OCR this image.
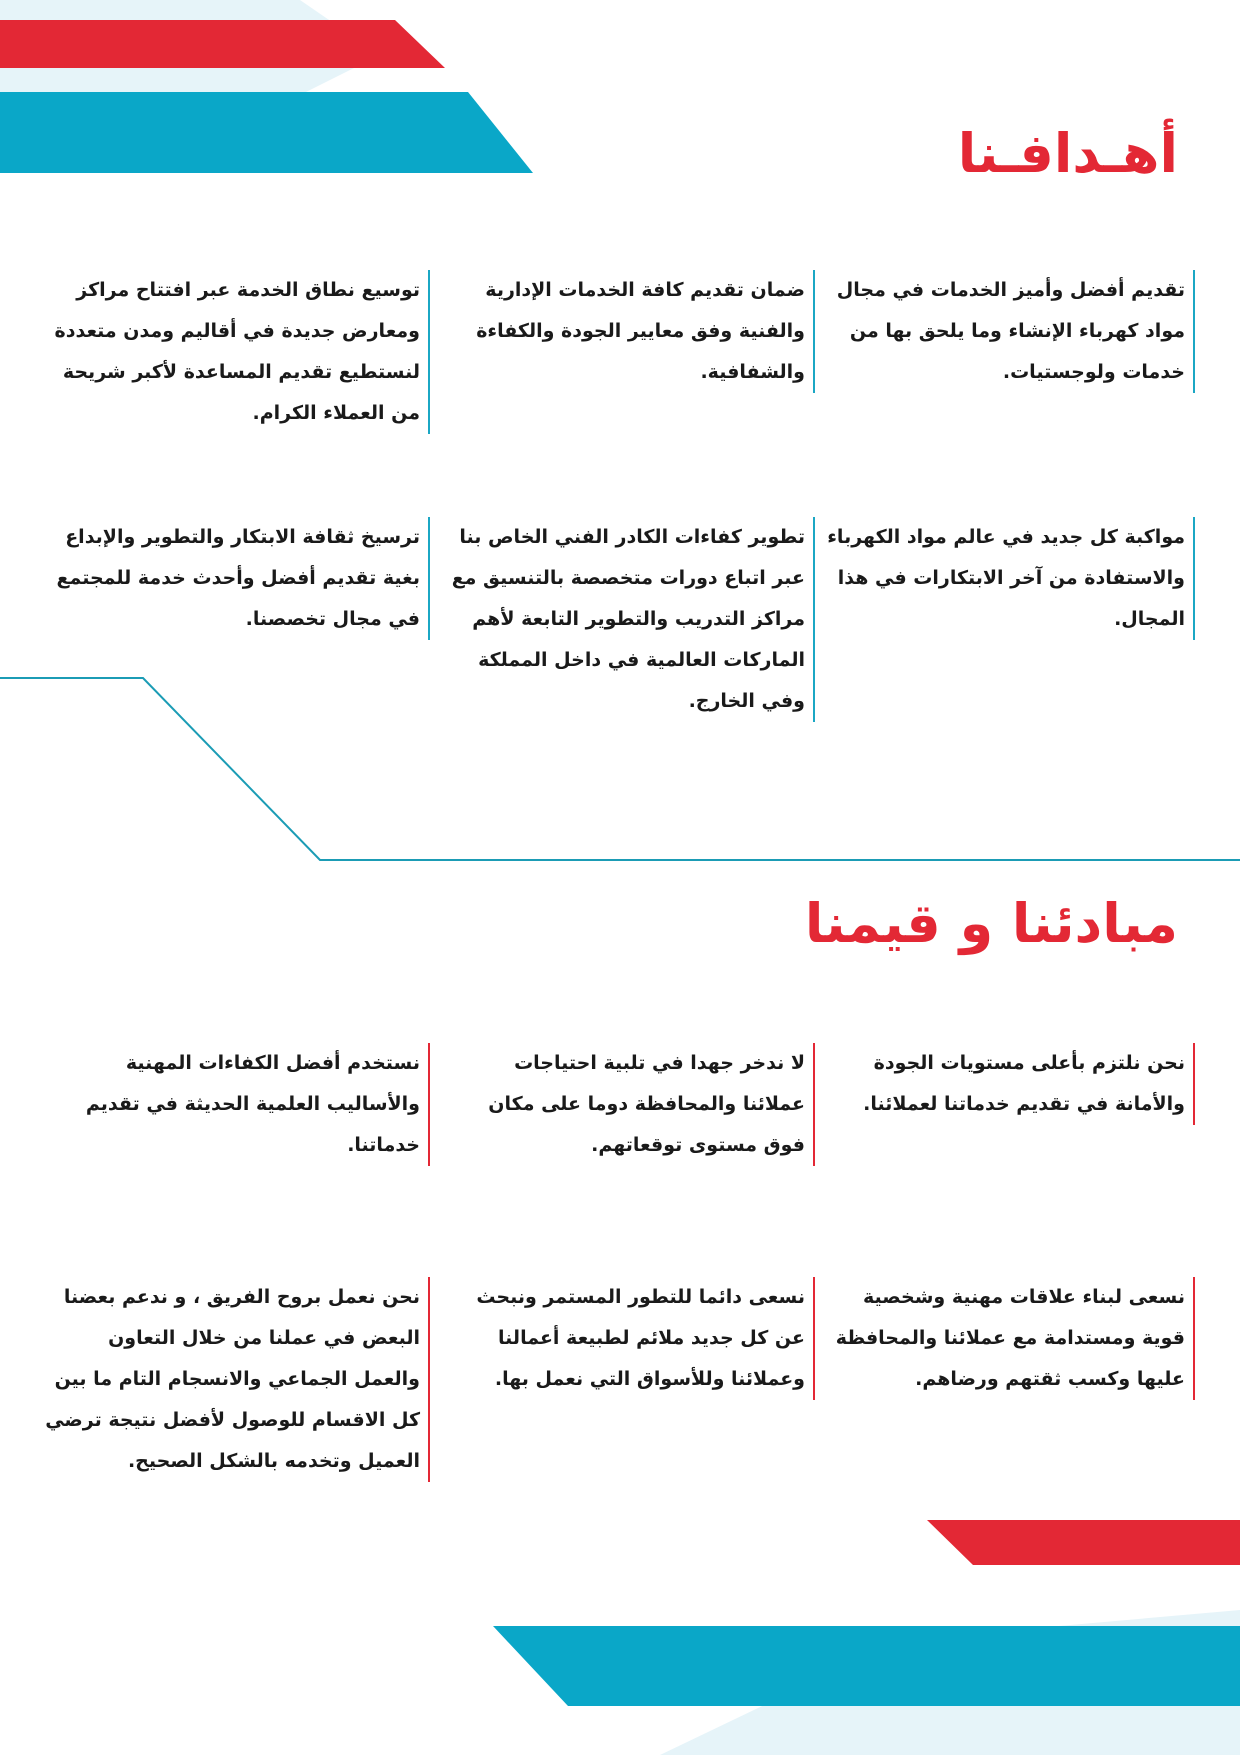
أهـدافـنا

تقديم أفضل وأميز الخدمات في مجال مواد كهرباء الإنشاء وما يلحق بها من خدمات ولوجستيات.

ضمان تقديم كافة الخدمات الإدارية والفنية وفق معايير الجودة والكفاءة والشفافية.

توسيع نطاق الخدمة عبر افتتاح مراكز ومعارض جديدة في أقاليم ومدن متعددة لنستطيع تقديم المساعدة لأكبر شريحة من العملاء الكرام.

مواكبة كل جديد في عالم مواد الكهرباء والاستفادة من آخر الابتكارات في هذا المجال.

تطوير كفاءات الكادر الفني الخاص بنا عبر اتباع دورات متخصصة بالتنسيق مع مراكز التدريب والتطوير التابعة لأهم الماركات العالمية في داخل المملكة وفي الخارج.

ترسيخ ثقافة الابتكار والتطوير والإبداع بغية تقديم أفضل وأحدث خدمة للمجتمع في مجال تخصصنا.

مبادئنا و قيمنا

نحن نلتزم بأعلى مستويات الجودة والأمانة في تقديم خدماتنا لعملائنا.

لا ندخر جهدا في تلبية احتياجات عملائنا والمحافظة دوما على مكان فوق مستوى توقعاتهم.

نستخدم أفضل الكفاءات المهنية والأساليب العلمية الحديثة في تقديم خدماتنا.

نسعى لبناء علاقات مهنية وشخصية قوية ومستدامة مع عملائنا والمحافظة عليها وكسب ثقتهم ورضاهم.

نسعى دائما للتطور المستمر ونبحث عن كل جديد ملائم لطبيعة أعمالنا وعملائنا وللأسواق التي نعمل بها.

نحن نعمل بروح الفريق ، و ندعم بعضنا البعض في عملنا من خلال التعاون والعمل الجماعي والانسجام التام ما بين كل الاقسام للوصول لأفضل نتيجة ترضي العميل وتخدمه بالشكل الصحيح.
